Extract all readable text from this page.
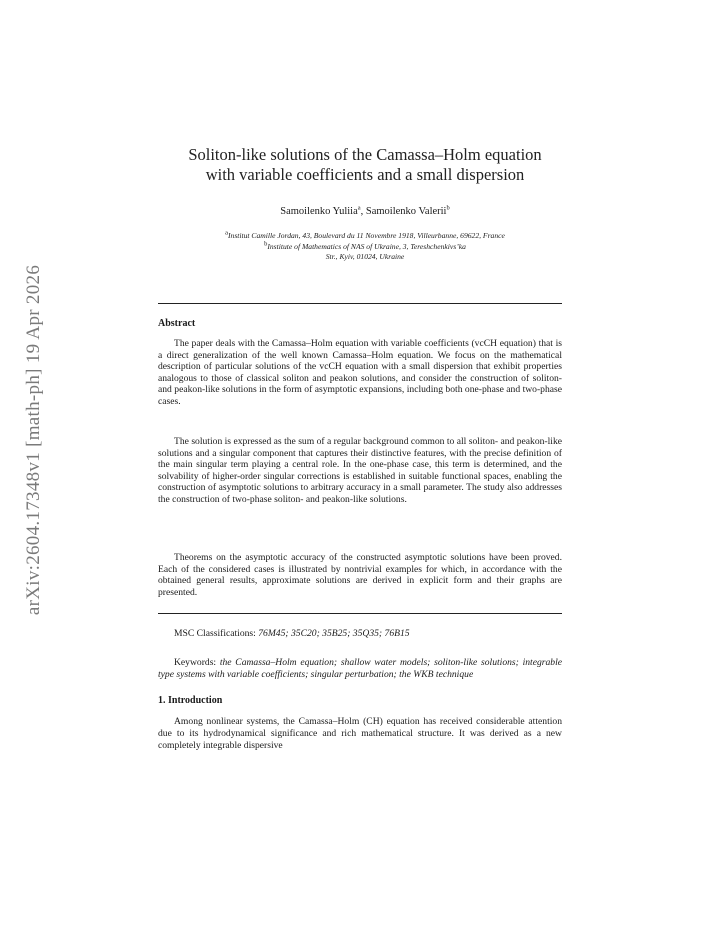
arXiv:2604.17348v1 [math-ph] 19 Apr 2026
Soliton-like solutions of the Camassa–Holm equation
with variable coefficients and a small dispersion
Samoilenko Yuliia$^a$, Samoilenko Valerii$^b$
$^a$Institut Camille Jordan, 43, Boulevard du 11 Novembre 1918, Villeurbanne, 69622, France
$^b$Institute of Mathematics of NAS of Ukraine, 3, Tereshchenkivs’ka
Str., Kyiv, 01024, Ukraine
Abstract
The paper deals with the Camassa–Holm equation with variable coefficients (vcCH equation) that is a direct generalization of the well known Camassa–Holm equation. We focus on the mathematical description of particular solutions of the vcCH equation with a small dispersion that exhibit properties analogous to those of classical soliton and peakon solutions, and consider the construction of soliton- and peakon-like solutions in the form of asymptotic expansions, including both one-phase and two-phase cases.
The solution is expressed as the sum of a regular background common to all soliton- and peakon-like solutions and a singular component that captures their distinctive features, with the precise definition of the main singular term playing a central role. In the one-phase case, this term is determined, and the solvability of higher-order singular corrections is established in suitable functional spaces, enabling the construction of asymptotic solutions to arbitrary accuracy in a small parameter. The study also addresses the construction of two-phase soliton- and peakon-like solutions.
Theorems on the asymptotic accuracy of the constructed asymptotic solutions have been proved. Each of the considered cases is illustrated by nontrivial examples for which, in accordance with the obtained general results, approximate solutions are derived in explicit form and their graphs are presented.
MSC Classifications: 76M45; 35C20; 35B25; 35Q35; 76B15
Keywords: the Camassa–Holm equation; shallow water models; soliton-like solutions; integrable type systems with variable coefficients; singular perturbation; the WKB technique
1. Introduction
Among nonlinear systems, the Camassa–Holm (CH) equation has received considerable attention due to its hydrodynamical significance and rich mathematical structure. It was derived as a new completely integrable dispersive
